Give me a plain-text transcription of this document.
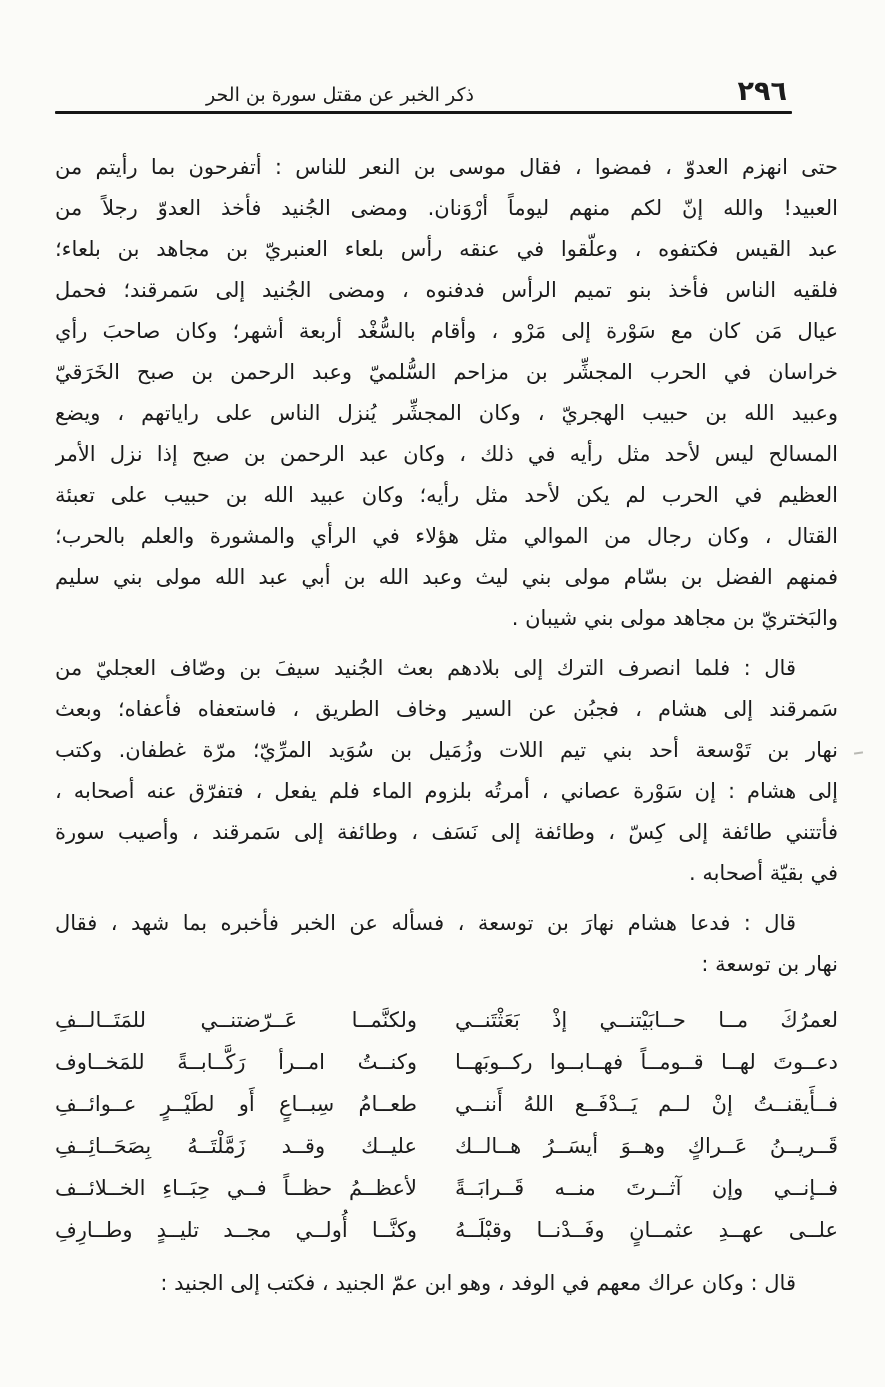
٢٩٦
ذكر الخبر عن مقتل سورة بن الحر
حتى انهزم العدوّ ، فمضوا ، فقال موسى بن النعر للناس : أتفرحون بما رأيتم من
العبيد! والله إنّ لكم منهم ليوماً أرْوَنان. ومضى الجُنيد فأخذ العدوّ رجلاً من
عبد القيس فكتفوه ، وعلّقوا في عنقه رأس بلعاء العنبريّ بن مجاهد بن بلعاء؛
فلقيه الناس فأخذ بنو تميم الرأس فدفنوه ، ومضى الجُنيد إلى سَمرقند؛ فحمل
عيال مَن كان مع سَوْرة إلى مَرْو ، وأقام بالسُّغْد أربعة أشهر؛ وكان صاحبَ رأي
خراسان في الحرب المجشِّر بن مزاحم السُّلميّ وعبد الرحمن بن صبح الخَرَقيّ
وعبيد الله بن حبيب الهجريّ ، وكان المجشِّر يُنزل الناس على راياتهم ، ويضع
المسالح ليس لأحد مثل رأيه في ذلك ، وكان عبد الرحمن بن صبح إذا نزل الأمر
العظيم في الحرب لم يكن لأحد مثل رأيه؛ وكان عبيد الله بن حبيب على تعبئة
القتال ، وكان رجال من الموالي مثل هؤلاء في الرأي والمشورة والعلم بالحرب؛
فمنهم الفضل بن بسّام مولى بني ليث وعبد الله بن أبي عبد الله مولى بني سليم
والبَختريّ بن مجاهد مولى بني شيبان .
قال : فلما انصرف الترك إلى بلادهم بعث الجُنيد سيفَ بن وصّاف العجليّ من
سَمرقند إلى هشام ، فجبُن عن السير وخاف الطريق ، فاستعفاه فأعفاه؛ وبعث
نهار بن تَوْسعة أحد بني تيم اللات وزُمَيل بن سُوَيد المرِّيّ؛ مرّة غطفان. وكتب
إلى هشام : إن سَوْرة عصاني ، أمرتُه بلزوم الماء فلم يفعل ، فتفرّق عنه أصحابه ،
فأتتني طائفة إلى كِسّ ، وطائفة إلى نَسَف ، وطائفة إلى سَمرقند ، وأصيب سورة
في بقيّة أصحابه .
قال : فدعا هشام نهارَ بن توسعة ، فسأله عن الخبر فأخبره بما شهد ، فقال
نهار بن توسعة :
لعمرُكَ مــا حــابَيْتنــي إذْ بَعَثْتَنــي
ولكنَّمــا عَــرّضتنــي للمَتَــالــفِ
دعــوتَ لهــا قــومــاً فهــابــوا ركــوبَهــا
وكنــتُ امــرأ رَكَّــابــةً للمَخــاوف
فــأَيقنــتُ إنْ لــم يَــدْفَــع اللهُ أَننــي
طعــامُ سِبــاعٍ أَو لطَيْــرٍ عــوائــفِ
قَــريــنُ عَــراكٍ وهــوَ أيسَــرُ هــالــك
عليــك وقــد زَمَّلْتَــهُ بِصَحَــائِــفِ
فــإنــي وإن آثــرتَ منــه قَــرابَــةً
لأعظــمُ حظــاً فــي حِبَــاءِ الخــلائــف
علــى عهــدِ عثمــانٍ وفَــدْنــا وقبْلَــهُ
وكنَّــا أُولــي مجــد تليــدٍ وطــارِفِ
قال : وكان عراك معهم في الوفد ، وهو ابن عمّ الجنيد ، فكتب إلى الجنيد :
